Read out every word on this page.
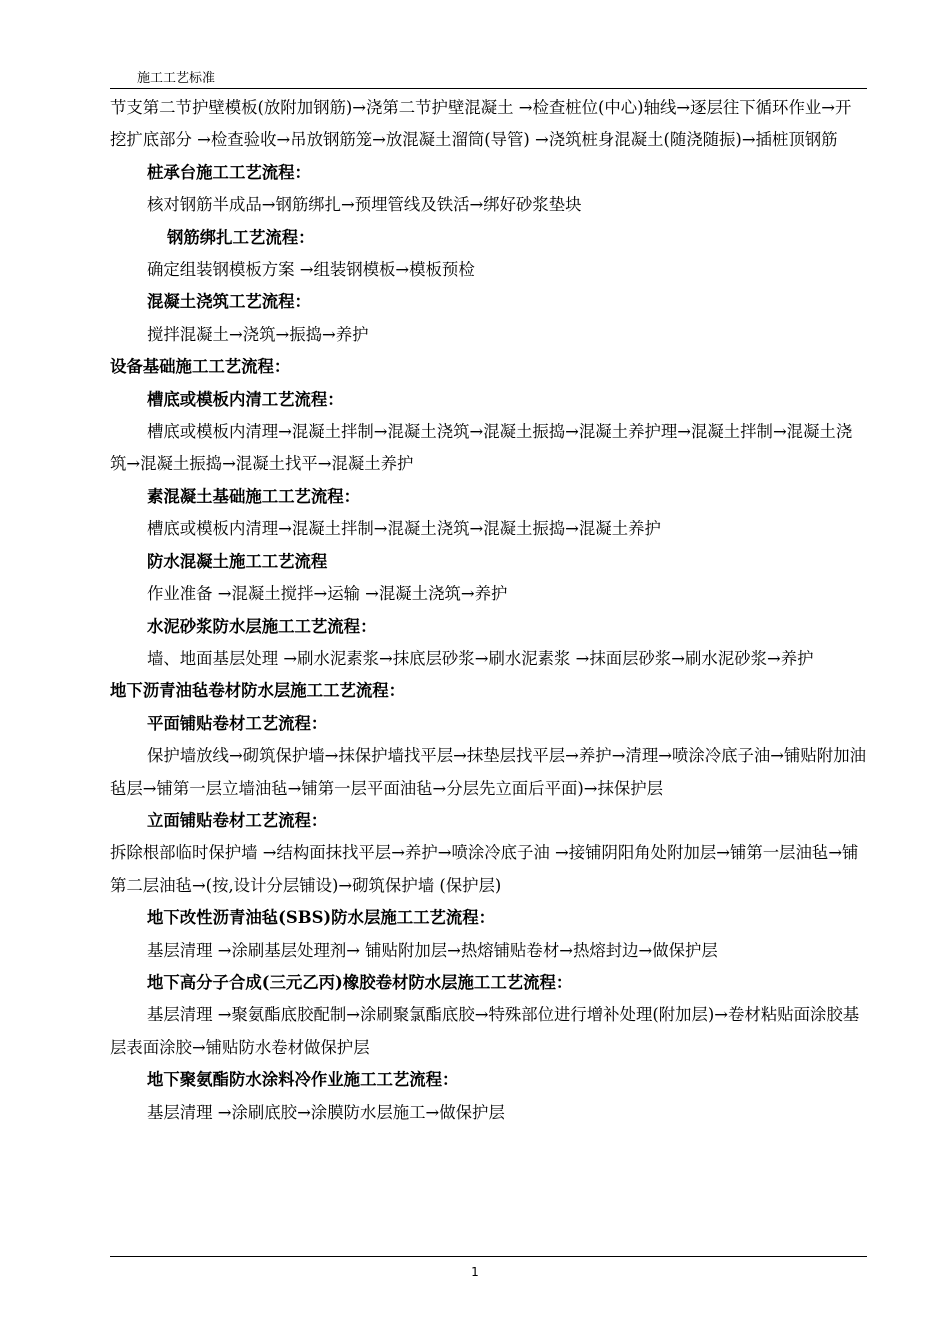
施工工艺标准

节支第二节护壁模板(放附加钢筋)→浇第二节护壁混凝土 →检查桩位(中心)轴线→逐层往下循环作业→开挖扩底部分 →检查验收→吊放钢筋笼→放混凝土溜筒(导管) →浇筑桩身混凝土(随浇随振)→插桩顶钢筋

桩承台施工工艺流程：

核对钢筋半成品→钢筋绑扎→预埋管线及铁活→绑好砂浆垫块

钢筋绑扎工艺流程：

确定组装钢模板方案 →组装钢模板→模板预检

混凝土浇筑工艺流程：

搅拌混凝土→浇筑→振捣→养护

设备基础施工工艺流程：

槽底或模板内清工艺流程：

槽底或模板内清理→混凝土拌制→混凝土浇筑→混凝土振捣→混凝土养护理→混凝土拌制→混凝土浇筑→混凝土振捣→混凝土找平→混凝土养护

素混凝土基础施工工艺流程：

槽底或模板内清理→混凝土拌制→混凝土浇筑→混凝土振捣→混凝土养护

防水混凝土施工工艺流程

作业准备 →混凝土搅拌→运输 →混凝土浇筑→养护

水泥砂浆防水层施工工艺流程：

墙、地面基层处理 →刷水泥素浆→抹底层砂浆→刷水泥素浆 →抹面层砂浆→刷水泥砂浆→养护

地下沥青油毡卷材防水层施工工艺流程：

平面铺贴卷材工艺流程：

保护墙放线→砌筑保护墙→抹保护墙找平层→抹垫层找平层→养护→清理→喷涂冷底子油→铺贴附加油毡层→铺第一层立墙油毡→铺第一层平面油毡→分层先立面后平面)→抹保护层

立面铺贴卷材工艺流程：

拆除根部临时保护墙 →结构面抹找平层→养护→喷涂冷底子油 →接铺阴阳角处附加层→铺第一层油毡→铺第二层油毡→(按,设计分层铺设)→砌筑保护墙 (保护层)

地下改性沥青油毡(SBS)防水层施工工艺流程：

基层清理 →涂刷基层处理剂→ 铺贴附加层→热熔铺贴卷材→热熔封边→做保护层

地下高分子合成(三元乙丙)橡胶卷材防水层施工工艺流程：

基层清理 →聚氨酯底胶配制→涂刷聚氯酯底胶→特殊部位进行增补处理(附加层)→卷材粘贴面涂胶基层表面涂胶→铺贴防水卷材做保护层

地下聚氨酯防水涂料冷作业施工工艺流程：

基层清理 →涂刷底胶→涂膜防水层施工→做保护层

1
